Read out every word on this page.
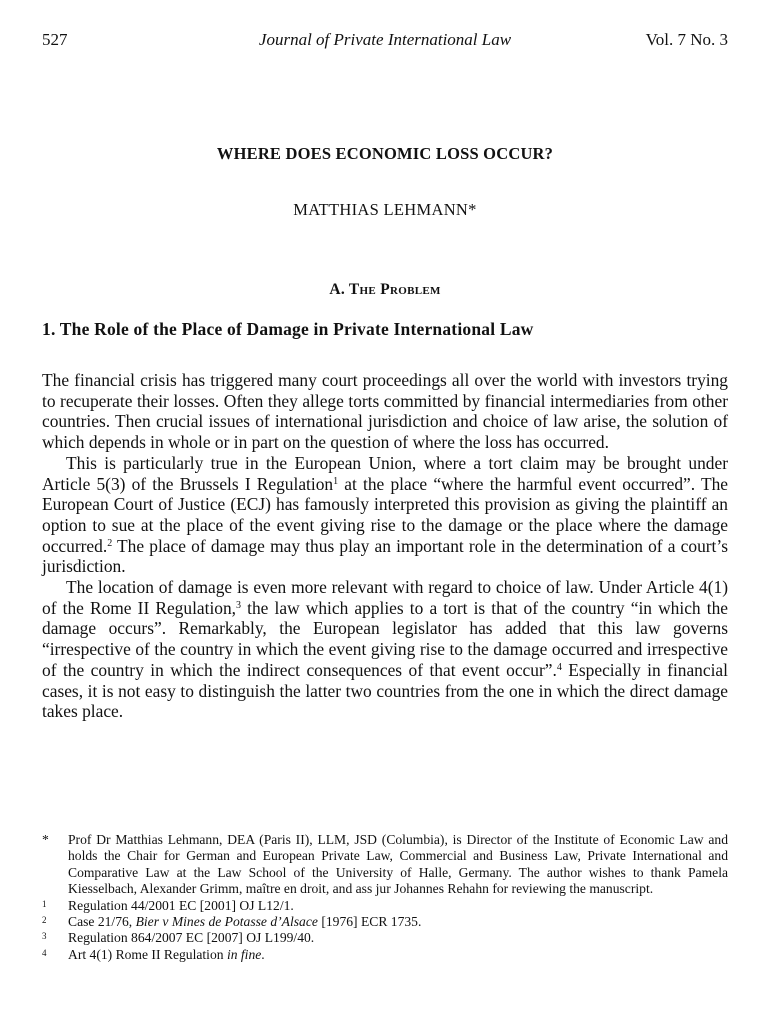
527	Journal of Private International Law	Vol. 7 No. 3
WHERE DOES ECONOMIC LOSS OCCUR?
MATTHIAS LEHMANN*
A. The Problem
1. The Role of the Place of Damage in Private International Law

The financial crisis has triggered many court proceedings all over the world with investors trying to recuperate their losses. Often they allege torts committed by financial intermediaries from other countries. Then crucial issues of international jurisdiction and choice of law arise, the solution of which depends in whole or in part on the question of where the loss has occurred.

This is particularly true in the European Union, where a tort claim may be brought under Article 5(3) of the Brussels I Regulation$^1$ at the place “where the harmful event occurred”. The European Court of Justice (ECJ) has famously interpreted this provision as giving the plaintiff an option to sue at the place of the event giving rise to the damage or the place where the damage occurred.$^2$ The place of damage may thus play an important role in the determination of a court’s jurisdiction.

The location of damage is even more relevant with regard to choice of law. Under Article 4(1) of the Rome II Regulation,$^3$ the law which applies to a tort is that of the country “in which the damage occurs”. Remarkably, the European legislator has added that this law governs “irrespective of the country in which the event giving rise to the damage occurred and irrespective of the country in which the indirect consequences of that event occur”.$^4$ Especially in financial cases, it is not easy to distinguish the latter two countries from the one in which the direct damage takes place.

* Prof Dr Matthias Lehmann, DEA (Paris II), LLM, JSD (Columbia), is Director of the Institute of Economic Law and holds the Chair for German and European Private Law, Commercial and Business Law, Private International and Comparative Law at the Law School of the University of Halle, Germany. The author wishes to thank Pamela Kiesselbach, Alexander Grimm, maître en droit, and ass jur Johannes Rehahn for reviewing the manuscript.
1 Regulation 44/2001 EC [2001] OJ L12/1.
2 Case 21/76, Bier v Mines de Potasse d’Alsace [1976] ECR 1735.
3 Regulation 864/2007 EC [2007] OJ L199/40.
4 Art 4(1) Rome II Regulation in fine.
